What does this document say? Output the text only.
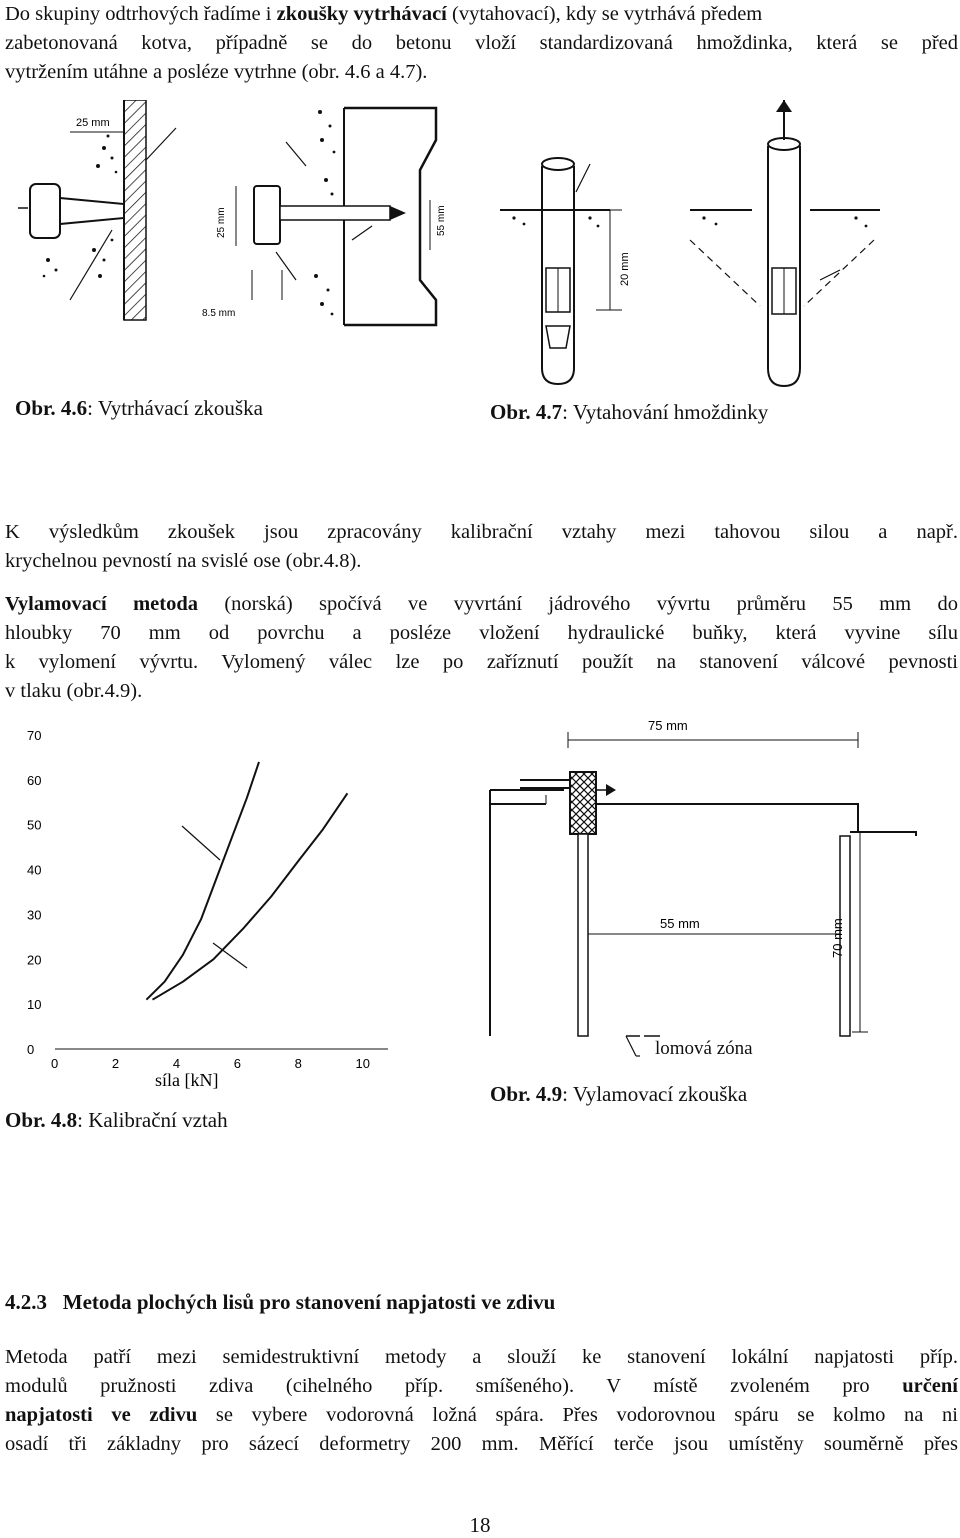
Do skupiny odtrhových řadíme i zkoušky vytrhávací (vytahovací), kdy se vytrhává předem
zabetonovaná kotva, případně se do betonu vloží standardizovaná hmoždinka, která se před
vytržením utáhne a posléze vytrhne (obr. 4.6 a 4.7).
25 mm
25 mm	55 mm
8.5 mm
20 mm
Obr. 4.6: Vytrhávací zkouška	Obr. 4.7: Vytahování hmoždinky
K výsledkům zkoušek jsou zpracovány kalibrační vztahy mezi tahovou silou a např.
krychelnou pevností na svislé ose (obr.4.8).
Vylamovací metoda (norská) spočívá ve vyvrtání jádrového vývrtu průměru 55 mm do
hloubky 70 mm od povrchu a posléze vložení hydraulické buňky, která vyvine sílu
k vylomení vývrtu. Vylomený válec lze po zaříznutí použít na stanovení válcové pevnosti
v tlaku (obr.4.9).
0
10
20
30
40
50
60
70
0	2	4	6	8	10
síla [kN]
Obr. 4.8: Kalibrační vztah
75 mm
55 mm	70 mm
lomová zóna
Obr. 4.9: Vylamovací zkouška
4.2.3 Metoda plochých lisů pro stanovení napjatosti ve zdivu
Metoda patří mezi semidestruktivní metody a slouží ke stanovení lokální napjatosti příp.
modulů pružnosti zdiva (cihelného příp. smíšeného). V místě zvoleném pro určení
napjatosti ve zdivu se vybere vodorovná ložná spára. Přes vodorovnou spáru se kolmo na ni
osadí tři základny pro sázecí deformetry 200 mm. Měřící terče jsou umístěny souměrně přes
18
